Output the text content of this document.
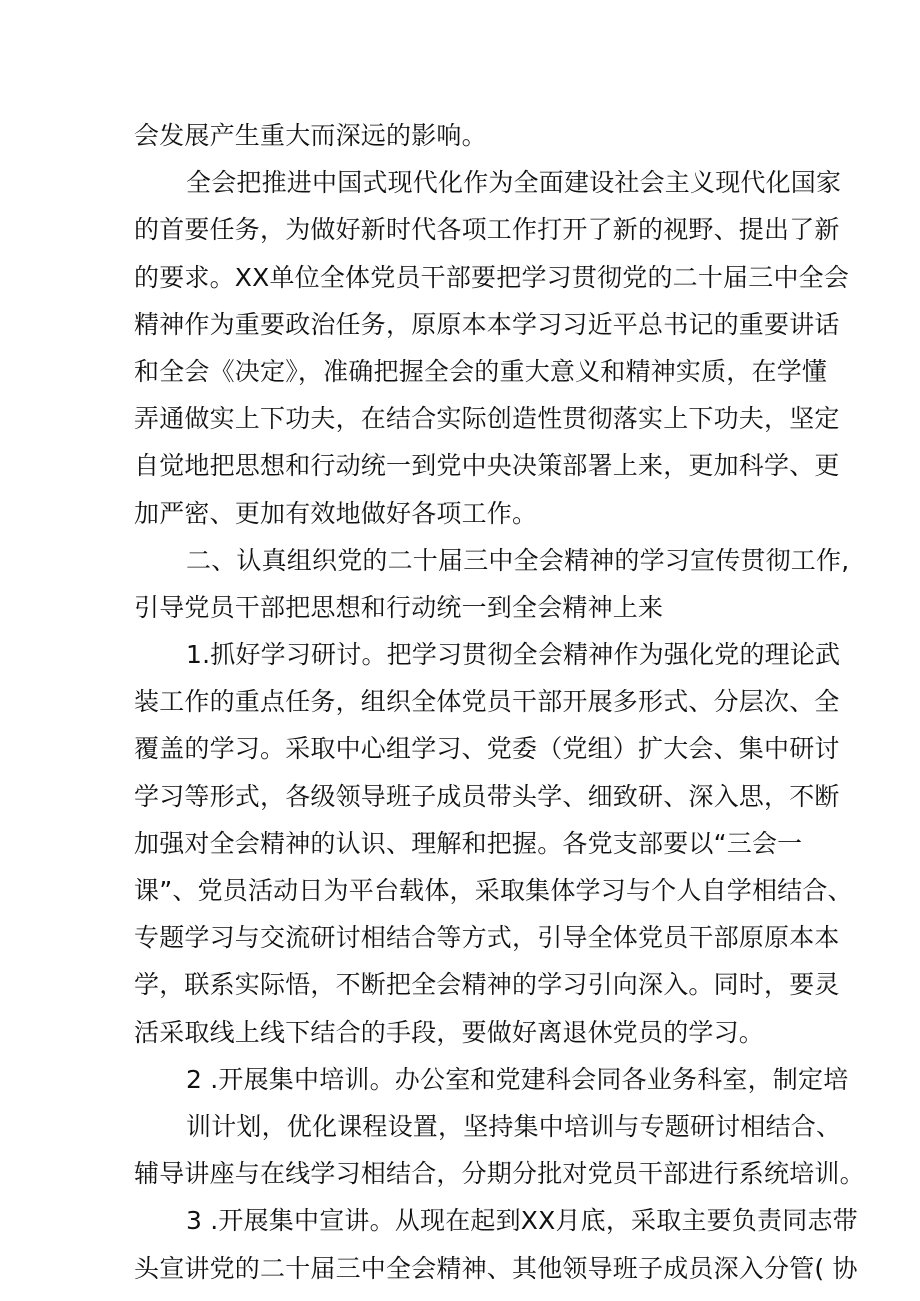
会发展产生重大而深远的影响。
全会把推进中国式现代化作为全面建设社会主义现代化国家
的首要任务，为做好新时代各项工作打开了新的视野、提出了新
的要求。XX单位全体党员干部要把学习贯彻党的二十届三中全会
精神作为重要政治任务，原原本本学习习近平总书记的重要讲话
和全会《决定》，准确把握全会的重大意义和精神实质，在学懂
弄通做实上下功夫，在结合实际创造性贯彻落实上下功夫，坚定
自觉地把思想和行动统一到党中央决策部署上来，更加科学、更
加严密、更加有效地做好各项工作。
二、认真组织党的二十届三中全会精神的学习宣传贯彻工作,
引导党员干部把思想和行动统一到全会精神上来
1.抓好学习研讨。把学习贯彻全会精神作为强化党的理论武
装工作的重点任务，组织全体党员干部开展多形式、分层次、全
覆盖的学习。采取中心组学习、党委（党组）扩大会、集中研讨
学习等形式，各级领导班子成员带头学、细致研、深入思，不断
加强对全会精神的认识、理解和把握。各党支部要以“三会一
课”、党员活动日为平台载体，采取集体学习与个人自学相结合、
专题学习与交流研讨相结合等方式，引导全体党员干部原原本本
学，联系实际悟，不断把全会精神的学习引向深入。同时，要灵
活采取线上线下结合的手段，要做好离退休党员的学习。
2 .开展集中培训。办公室和党建科会同各业务科室，制定培
训计划，优化课程设置，坚持集中培训与专题研讨相结合、
辅导讲座与在线学习相结合，分期分批对党员干部进行系统培训。
3 .开展集中宣讲。从现在起到XX月底，采取主要负责同志带
头宣讲党的二十届三中全会精神、其他领导班子成员深入分管( 协
